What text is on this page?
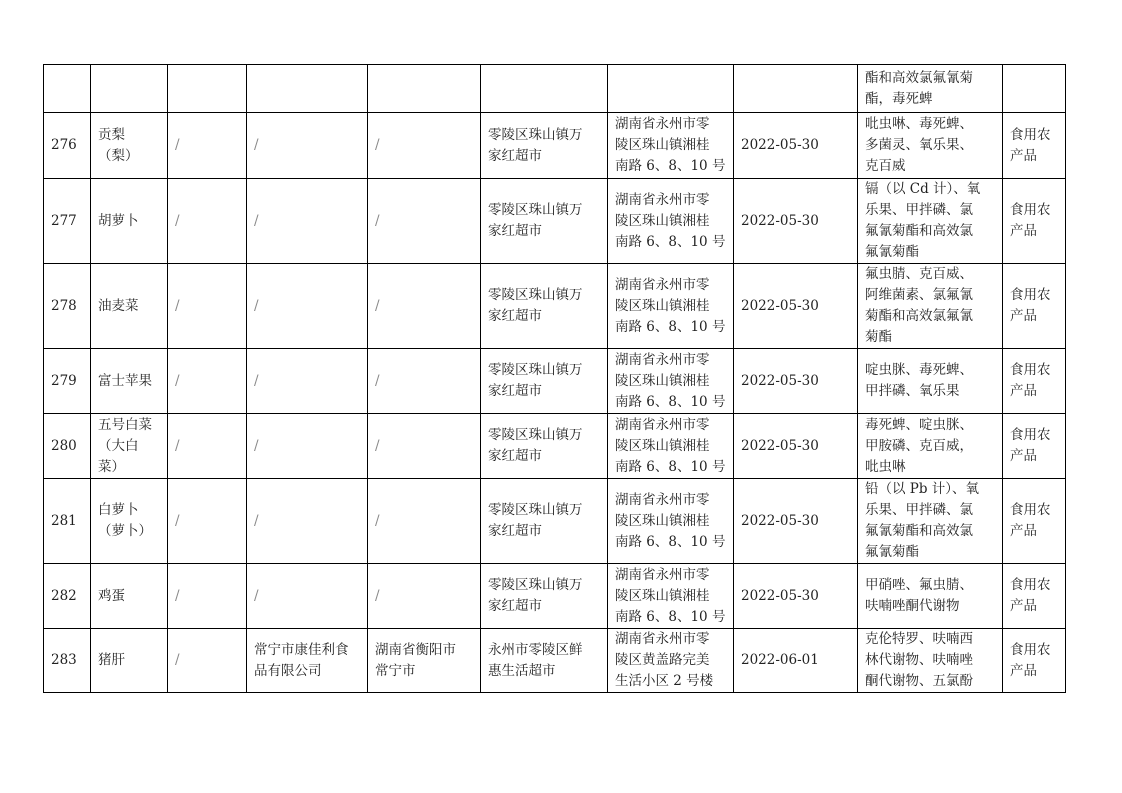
								酯和高效氯氟氰菊
酯，毒死蜱	

276	贡梨
（梨）	/	/	/	零陵区珠山镇万
家红超市	湖南省永州市零
陵区珠山镇湘桂
南路 6、8、10 号	2022-05-30	吡虫啉、毒死蜱、
多菌灵、氧乐果、
克百威	食用农
产品

277	胡萝卜	/	/	/	零陵区珠山镇万
家红超市	湖南省永州市零
陵区珠山镇湘桂
南路 6、8、10 号	2022-05-30	镉（以 Cd 计）、氧
乐果、甲拌磷、氯
氟氰菊酯和高效氯
氟氰菊酯	食用农
产品

278	油麦菜	/	/	/	零陵区珠山镇万
家红超市	湖南省永州市零
陵区珠山镇湘桂
南路 6、8、10 号	2022-05-30	氟虫腈、克百威、
阿维菌素、氯氟氰
菊酯和高效氯氟氰
菊酯	食用农
产品

279	富士苹果	/	/	/	零陵区珠山镇万
家红超市	湖南省永州市零
陵区珠山镇湘桂
南路 6、8、10 号	2022-05-30	啶虫脒、毒死蜱、
甲拌磷、氧乐果	食用农
产品

280	五号白菜
（大白
菜）	/	/	/	零陵区珠山镇万
家红超市	湖南省永州市零
陵区珠山镇湘桂
南路 6、8、10 号	2022-05-30	毒死蜱、啶虫脒、
甲胺磷、克百威，
吡虫啉	食用农
产品

281	白萝卜
（萝卜）	/	/	/	零陵区珠山镇万
家红超市	湖南省永州市零
陵区珠山镇湘桂
南路 6、8、10 号	2022-05-30	铅（以 Pb 计）、氧
乐果、甲拌磷、氯
氟氰菊酯和高效氯
氟氰菊酯	食用农
产品

282	鸡蛋	/	/	/	零陵区珠山镇万
家红超市	湖南省永州市零
陵区珠山镇湘桂
南路 6、8、10 号	2022-05-30	甲硝唑、氟虫腈、
呋喃唑酮代谢物	食用农
产品

283	猪肝	/	常宁市康佳利食
品有限公司	湖南省衡阳市
常宁市	永州市零陵区鲜
惠生活超市	湖南省永州市零
陵区黄盖路完美
生活小区 2 号楼	2022-06-01	克伦特罗、呋喃西
林代谢物、呋喃唑
酮代谢物、五氯酚	食用农
产品
